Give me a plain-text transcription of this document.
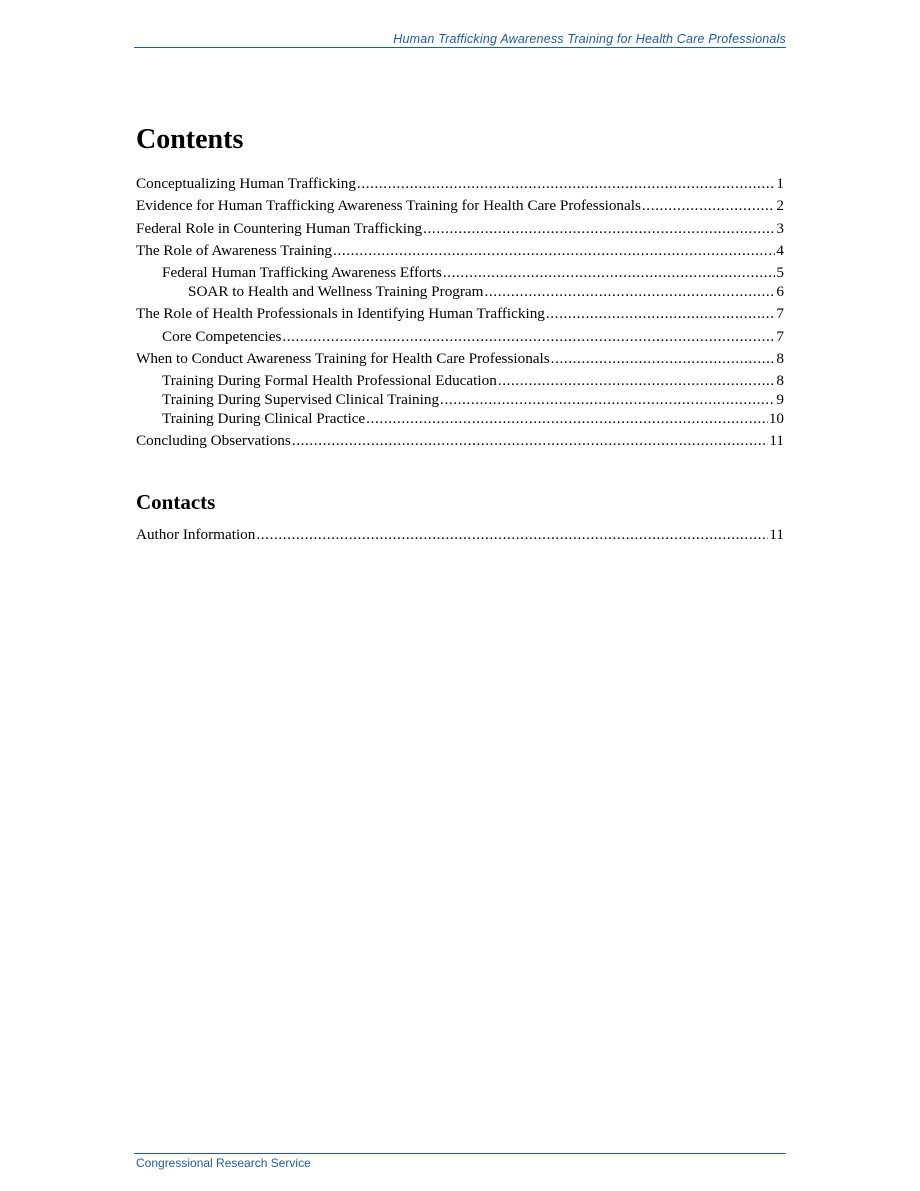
Human Trafficking Awareness Training for Health Care Professionals
Contents
Conceptualizing Human Trafficking .....	1
Evidence for Human Trafficking Awareness Training for Health Care Professionals .....	2
Federal Role in Countering Human Trafficking .....	3
The Role of Awareness Training .....	4
Federal Human Trafficking Awareness Efforts .....	5
SOAR to Health and Wellness Training Program .....	6
The Role of Health Professionals in Identifying Human Trafficking .....	7
Core Competencies .....	7
When to Conduct Awareness Training for Health Care Professionals .....	8
Training During Formal Health Professional Education .....	8
Training During Supervised Clinical Training .....	9
Training During Clinical Practice .....	10
Concluding Observations .....	11
Contacts
Author Information .....	11
Congressional Research Service
